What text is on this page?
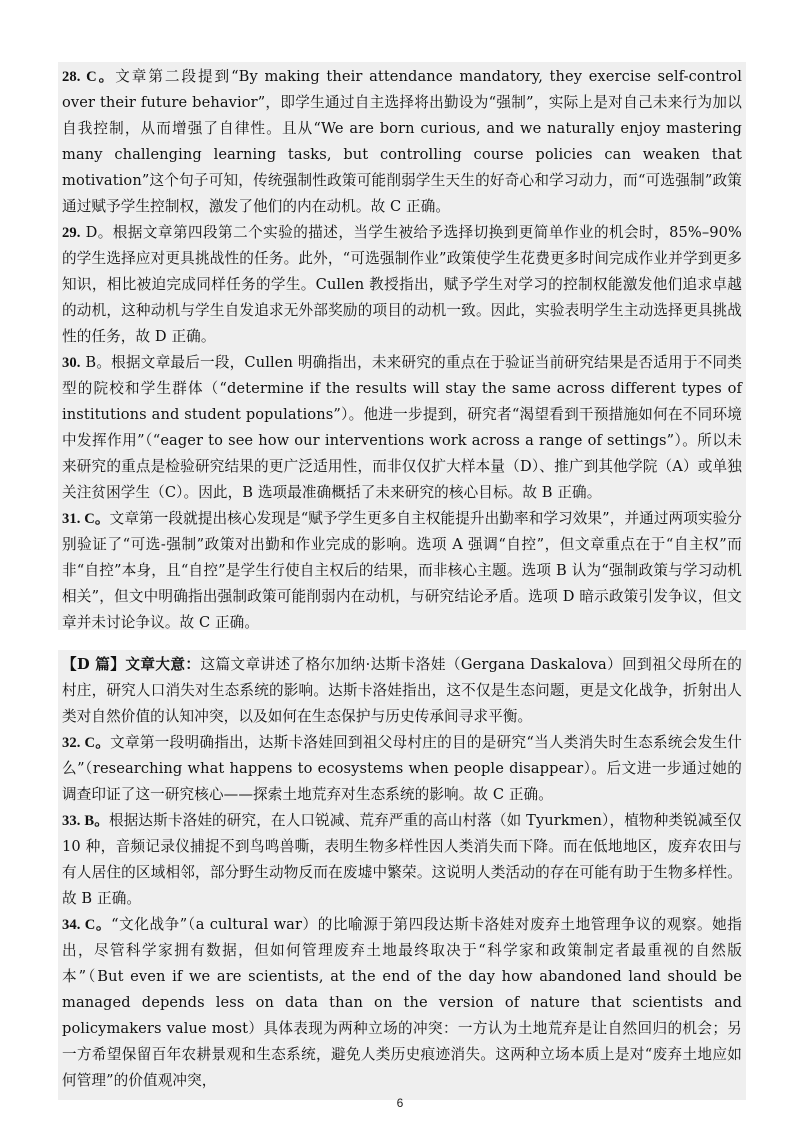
28. C。文章第二段提到“By making their attendance mandatory, they exercise self-control over their future behavior”，即学生通过自主选择将出勤设为“强制”，实际上是对自己未来行为加以自我控制，从而增强了自律性。且从“We are born curious, and we naturally enjoy mastering many challenging learning tasks, but controlling course policies can weaken that motivation”这个句子可知，传统强制性政策可能削弱学生天生的好奇心和学习动力，而“可选强制”政策通过赋予学生控制权，激发了他们的内在动机。故 C 正确。

29. D。根据文章第四段第二个实验的描述，当学生被给予选择切换到更简单作业的机会时，85%–90%的学生选择应对更具挑战性的任务。此外，“可选强制作业”政策使学生花费更多时间完成作业并学到更多知识，相比被迫完成同样任务的学生。Cullen 教授指出，赋予学生对学习的控制权能激发他们追求卓越的动机，这种动机与学生自发追求无外部奖励的项目的动机一致。因此，实验表明学生主动选择更具挑战性的任务，故 D 正确。

30. B。根据文章最后一段，Cullen 明确指出，未来研究的重点在于验证当前研究结果是否适用于不同类型的院校和学生群体（“determine if the results will stay the same across different types of institutions and student populations”）。他进一步提到，研究者“渴望看到干预措施如何在不同环境中发挥作用”（“eager to see how our interventions work across a range of settings”）。所以未来研究的重点是检验研究结果的更广泛适用性，而非仅仅扩大样本量（D）、推广到其他学院（A）或单独关注贫困学生（C）。因此，B 选项最准确概括了未来研究的核心目标。故 B 正确。

31. C。文章第一段就提出核心发现是“赋予学生更多自主权能提升出勤率和学习效果”，并通过两项实验分别验证了“可选-强制”政策对出勤和作业完成的影响。选项 A 强调“自控”，但文章重点在于“自主权”而非“自控”本身，且“自控”是学生行使自主权后的结果，而非核心主题。选项 B 认为“强制政策与学习动机相关”，但文中明确指出强制政策可能削弱内在动机，与研究结论矛盾。选项 D 暗示政策引发争议，但文章并未讨论争议。故 C 正确。

【D 篇】文章大意：这篇文章讲述了格尔加纳·达斯卡洛娃（Gergana Daskalova）回到祖父母所在的村庄，研究人口消失对生态系统的影响。达斯卡洛娃指出，这不仅是生态问题，更是文化战争，折射出人类对自然价值的认知冲突，以及如何在生态保护与历史传承间寻求平衡。

32. C。文章第一段明确指出，达斯卡洛娃回到祖父母村庄的目的是研究“当人类消失时生态系统会发生什么”（researching what happens to ecosystems when people disappear）。后文进一步通过她的调查印证了这一研究核心——探索土地荒弃对生态系统的影响。故 C 正确。

33. B。根据达斯卡洛娃的研究，在人口锐减、荒弃严重的高山村落（如 Tyurkmen），植物种类锐减至仅 10 种，音频记录仪捕捉不到鸟鸣兽嘶，表明生物多样性因人类消失而下降。而在低地地区，废弃农田与有人居住的区域相邻，部分野生动物反而在废墟中繁荣。这说明人类活动的存在可能有助于生物多样性。故 B 正确。

34. C。“文化战争”（a cultural war）的比喻源于第四段达斯卡洛娃对废弃土地管理争议的观察。她指出，尽管科学家拥有数据，但如何管理废弃土地最终取决于“科学家和政策制定者最重视的自然版本”（But even if we are scientists, at the end of the day how abandoned land should be managed depends less on data than on the version of nature that scientists and policymakers value most）具体表现为两种立场的冲突：一方认为土地荒弃是让自然回归的机会；另一方希望保留百年农耕景观和生态系统，避免人类历史痕迹消失。这两种立场本质上是对“废弃土地应如何管理”的价值观冲突，

6
